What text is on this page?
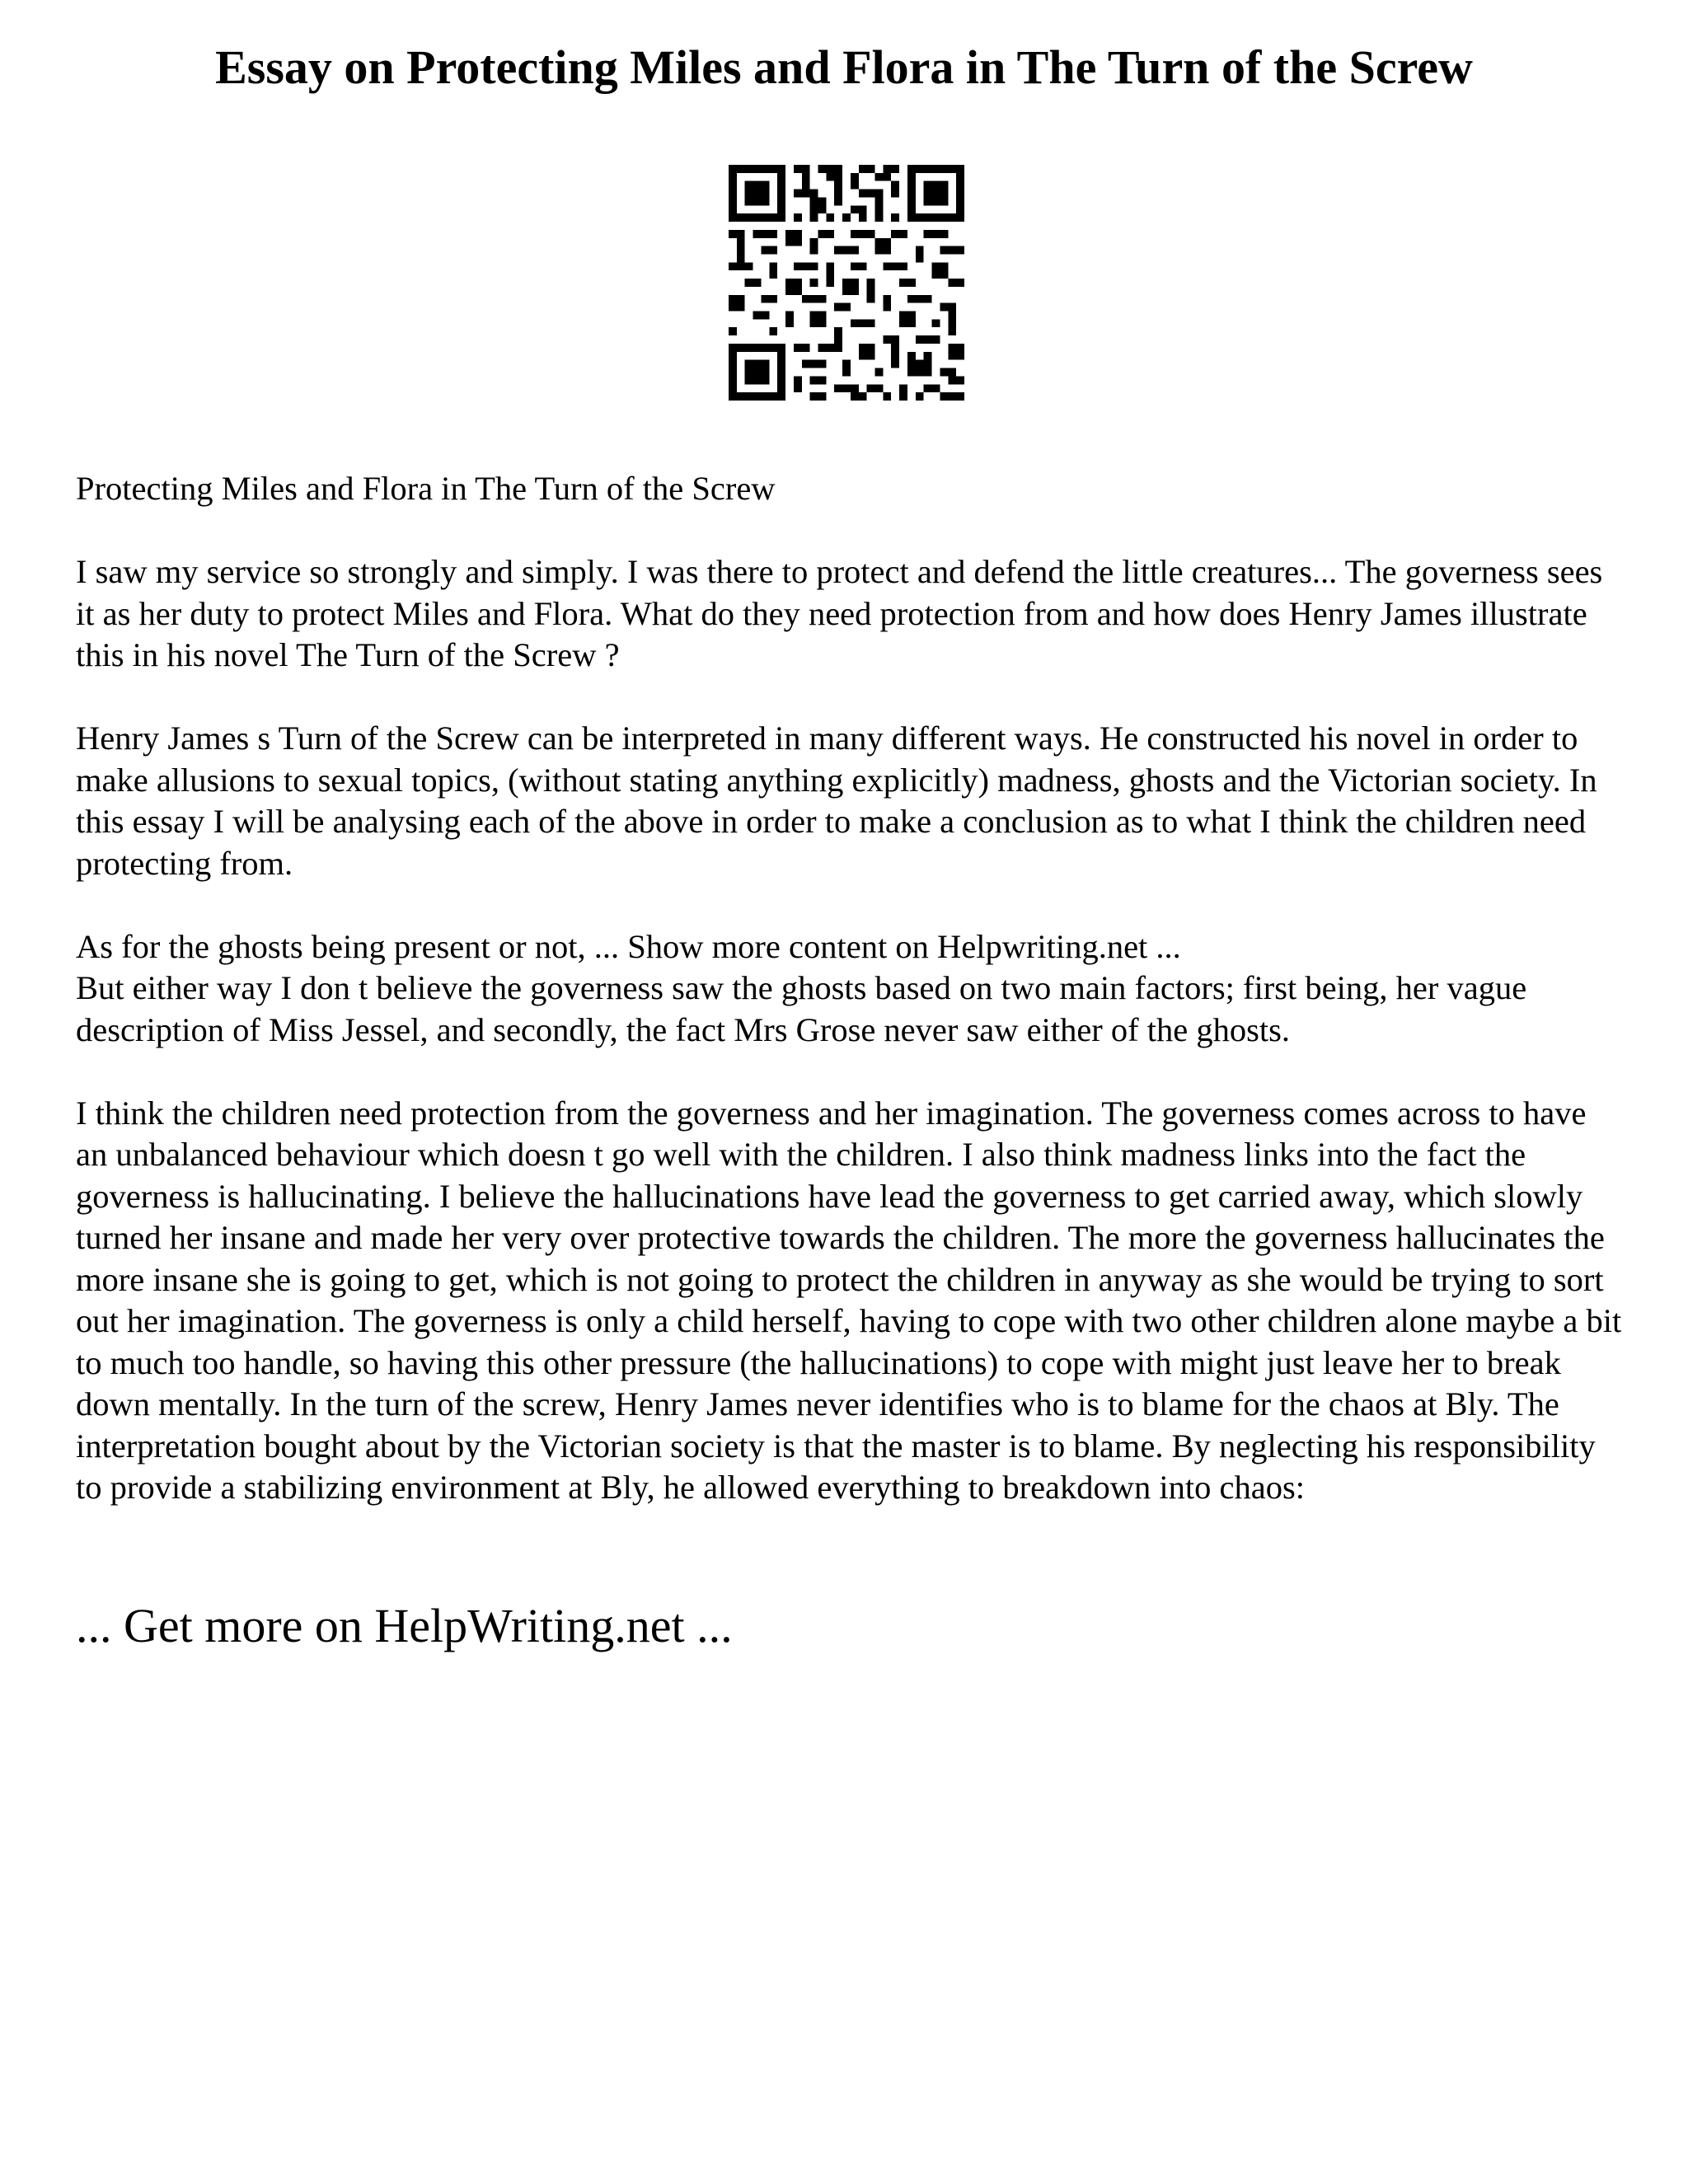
Essay on Protecting Miles and Flora in The Turn of the Screw

Protecting Miles and Flora in The Turn of the Screw

I saw my service so strongly and simply. I was there to protect and defend the little creatures... The governess sees it as her duty to protect Miles and Flora. What do they need protection from and how does Henry James illustrate this in his novel The Turn of the Screw ?

Henry James s Turn of the Screw can be interpreted in many different ways. He constructed his novel in order to make allusions to sexual topics, (without stating anything explicitly) madness, ghosts and the Victorian society. In this essay I will be analysing each of the above in order to make a conclusion as to what I think the children need protecting from.

As for the ghosts being present or not, ... Show more content on Helpwriting.net ...

But either way I don t believe the governess saw the ghosts based on two main factors; first being, her vague description of Miss Jessel, and secondly, the fact Mrs Grose never saw either of the ghosts.

I think the children need protection from the governess and her imagination. The governess comes across to have an unbalanced behaviour which doesn t go well with the children. I also think madness links into the fact the governess is hallucinating. I believe the hallucinations have lead the governess to get carried away, which slowly turned her insane and made her very over protective towards the children. The more the governess hallucinates the more insane she is going to get, which is not going to protect the children in anyway as she would be trying to sort out her imagination. The governess is only a child herself, having to cope with two other children alone maybe a bit to much too handle, so having this other pressure (the hallucinations) to cope with might just leave her to break down mentally. In the turn of the screw, Henry James never identifies who is to blame for the chaos at Bly. The interpretation bought about by the Victorian society is that the master is to blame. By neglecting his responsibility to provide a stabilizing environment at Bly, he allowed everything to breakdown into chaos:

... Get more on HelpWriting.net ...
